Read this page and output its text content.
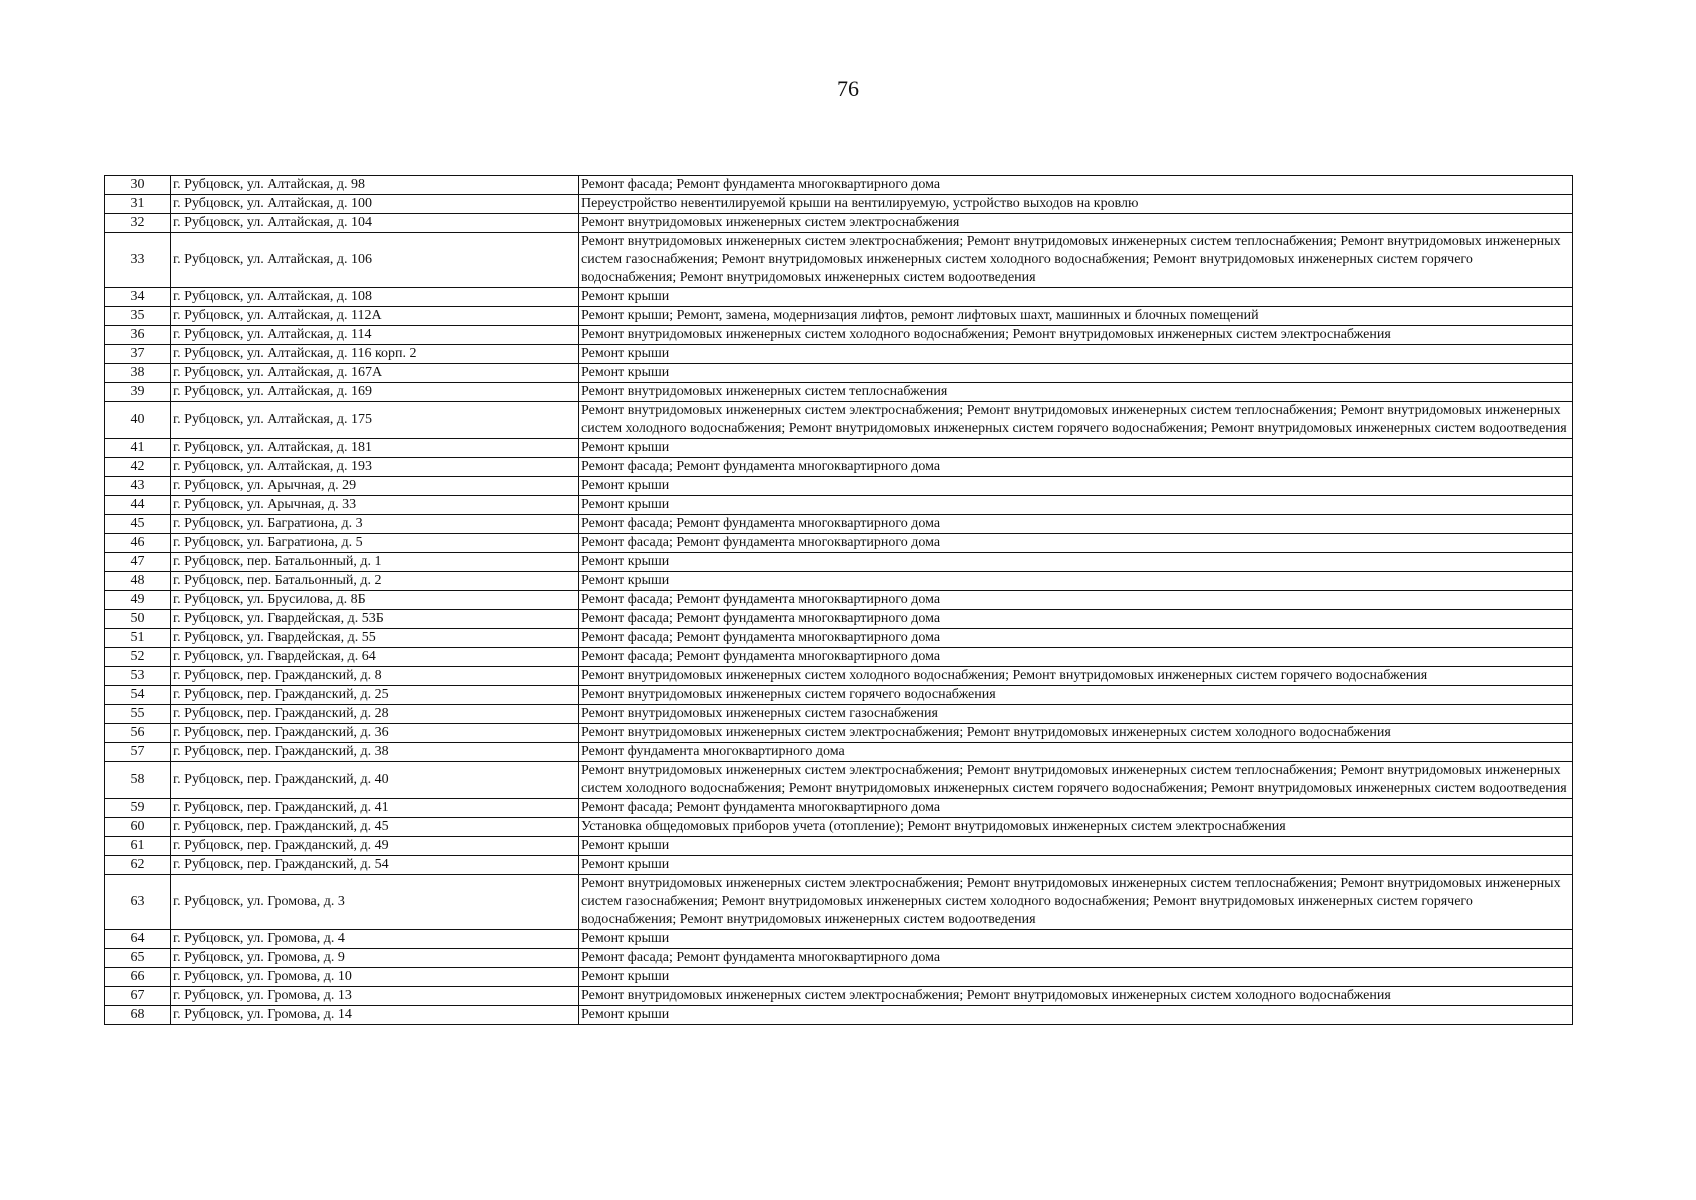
76
30	г. Рубцовск, ул. Алтайская, д. 98	Ремонт фасада; Ремонт фундамента многоквартирного дома
31	г. Рубцовск, ул. Алтайская, д. 100	Переустройство невентилируемой крыши на вентилируемую, устройство выходов на кровлю
32	г. Рубцовск, ул. Алтайская, д. 104	Ремонт внутридомовых инженерных систем электроснабжения
33	г. Рубцовск, ул. Алтайская, д. 106	Ремонт внутридомовых инженерных систем электроснабжения; Ремонт внутридомовых инженерных систем теплоснабжения; Ремонт внутридомовых инженерных систем газоснабжения; Ремонт внутридомовых инженерных систем холодного водоснабжения; Ремонт внутридомовых инженерных систем горячего водоснабжения; Ремонт внутридомовых инженерных систем водоотведения
34	г. Рубцовск, ул. Алтайская, д. 108	Ремонт крыши
35	г. Рубцовск, ул. Алтайская, д. 112А	Ремонт крыши; Ремонт, замена, модернизация лифтов, ремонт лифтовых шахт, машинных и блочных помещений
36	г. Рубцовск, ул. Алтайская, д. 114	Ремонт внутридомовых инженерных систем холодного водоснабжения; Ремонт внутридомовых инженерных систем электроснабжения
37	г. Рубцовск, ул. Алтайская, д. 116 корп. 2	Ремонт крыши
38	г. Рубцовск, ул. Алтайская, д. 167А	Ремонт крыши
39	г. Рубцовск, ул. Алтайская, д. 169	Ремонт внутридомовых инженерных систем теплоснабжения
40	г. Рубцовск, ул. Алтайская, д. 175	Ремонт внутридомовых инженерных систем электроснабжения; Ремонт внутридомовых инженерных систем теплоснабжения; Ремонт внутридомовых инженерных систем холодного водоснабжения; Ремонт внутридомовых инженерных систем горячего водоснабжения; Ремонт внутридомовых инженерных систем водоотведения
41	г. Рубцовск, ул. Алтайская, д. 181	Ремонт крыши
42	г. Рубцовск, ул. Алтайская, д. 193	Ремонт фасада; Ремонт фундамента многоквартирного дома
43	г. Рубцовск, ул. Арычная, д. 29	Ремонт крыши
44	г. Рубцовск, ул. Арычная, д. 33	Ремонт крыши
45	г. Рубцовск, ул. Багратиона, д. 3	Ремонт фасада; Ремонт фундамента многоквартирного дома
46	г. Рубцовск, ул. Багратиона, д. 5	Ремонт фасада; Ремонт фундамента многоквартирного дома
47	г. Рубцовск, пер. Батальонный, д. 1	Ремонт крыши
48	г. Рубцовск, пер. Батальонный, д. 2	Ремонт крыши
49	г. Рубцовск, ул. Брусилова, д. 8Б	Ремонт фасада; Ремонт фундамента многоквартирного дома
50	г. Рубцовск, ул. Гвардейская, д. 53Б	Ремонт фасада; Ремонт фундамента многоквартирного дома
51	г. Рубцовск, ул. Гвардейская, д. 55	Ремонт фасада; Ремонт фундамента многоквартирного дома
52	г. Рубцовск, ул. Гвардейская, д. 64	Ремонт фасада; Ремонт фундамента многоквартирного дома
53	г. Рубцовск, пер. Гражданский, д. 8	Ремонт внутридомовых инженерных систем холодного водоснабжения; Ремонт внутридомовых инженерных систем горячего водоснабжения
54	г. Рубцовск, пер. Гражданский, д. 25	Ремонт внутридомовых инженерных систем горячего водоснабжения
55	г. Рубцовск, пер. Гражданский, д. 28	Ремонт внутридомовых инженерных систем газоснабжения
56	г. Рубцовск, пер. Гражданский, д. 36	Ремонт внутридомовых инженерных систем электроснабжения; Ремонт внутридомовых инженерных систем холодного водоснабжения
57	г. Рубцовск, пер. Гражданский, д. 38	Ремонт фундамента многоквартирного дома
58	г. Рубцовск, пер. Гражданский, д. 40	Ремонт внутридомовых инженерных систем электроснабжения; Ремонт внутридомовых инженерных систем теплоснабжения; Ремонт внутридомовых инженерных систем холодного водоснабжения; Ремонт внутридомовых инженерных систем горячего водоснабжения; Ремонт внутридомовых инженерных систем водоотведения
59	г. Рубцовск, пер. Гражданский, д. 41	Ремонт фасада; Ремонт фундамента многоквартирного дома
60	г. Рубцовск, пер. Гражданский, д. 45	Установка общедомовых приборов учета (отопление); Ремонт внутридомовых инженерных систем электроснабжения
61	г. Рубцовск, пер. Гражданский, д. 49	Ремонт крыши
62	г. Рубцовск, пер. Гражданский, д. 54	Ремонт крыши
63	г. Рубцовск, ул. Громова, д. 3	Ремонт внутридомовых инженерных систем электроснабжения; Ремонт внутридомовых инженерных систем теплоснабжения; Ремонт внутридомовых инженерных систем газоснабжения; Ремонт внутридомовых инженерных систем холодного водоснабжения; Ремонт внутридомовых инженерных систем горячего водоснабжения; Ремонт внутридомовых инженерных систем водоотведения
64	г. Рубцовск, ул. Громова, д. 4	Ремонт крыши
65	г. Рубцовск, ул. Громова, д. 9	Ремонт фасада; Ремонт фундамента многоквартирного дома
66	г. Рубцовск, ул. Громова, д. 10	Ремонт крыши
67	г. Рубцовск, ул. Громова, д. 13	Ремонт внутридомовых инженерных систем электроснабжения; Ремонт внутридомовых инженерных систем холодного водоснабжения
68	г. Рубцовск, ул. Громова, д. 14	Ремонт крыши
